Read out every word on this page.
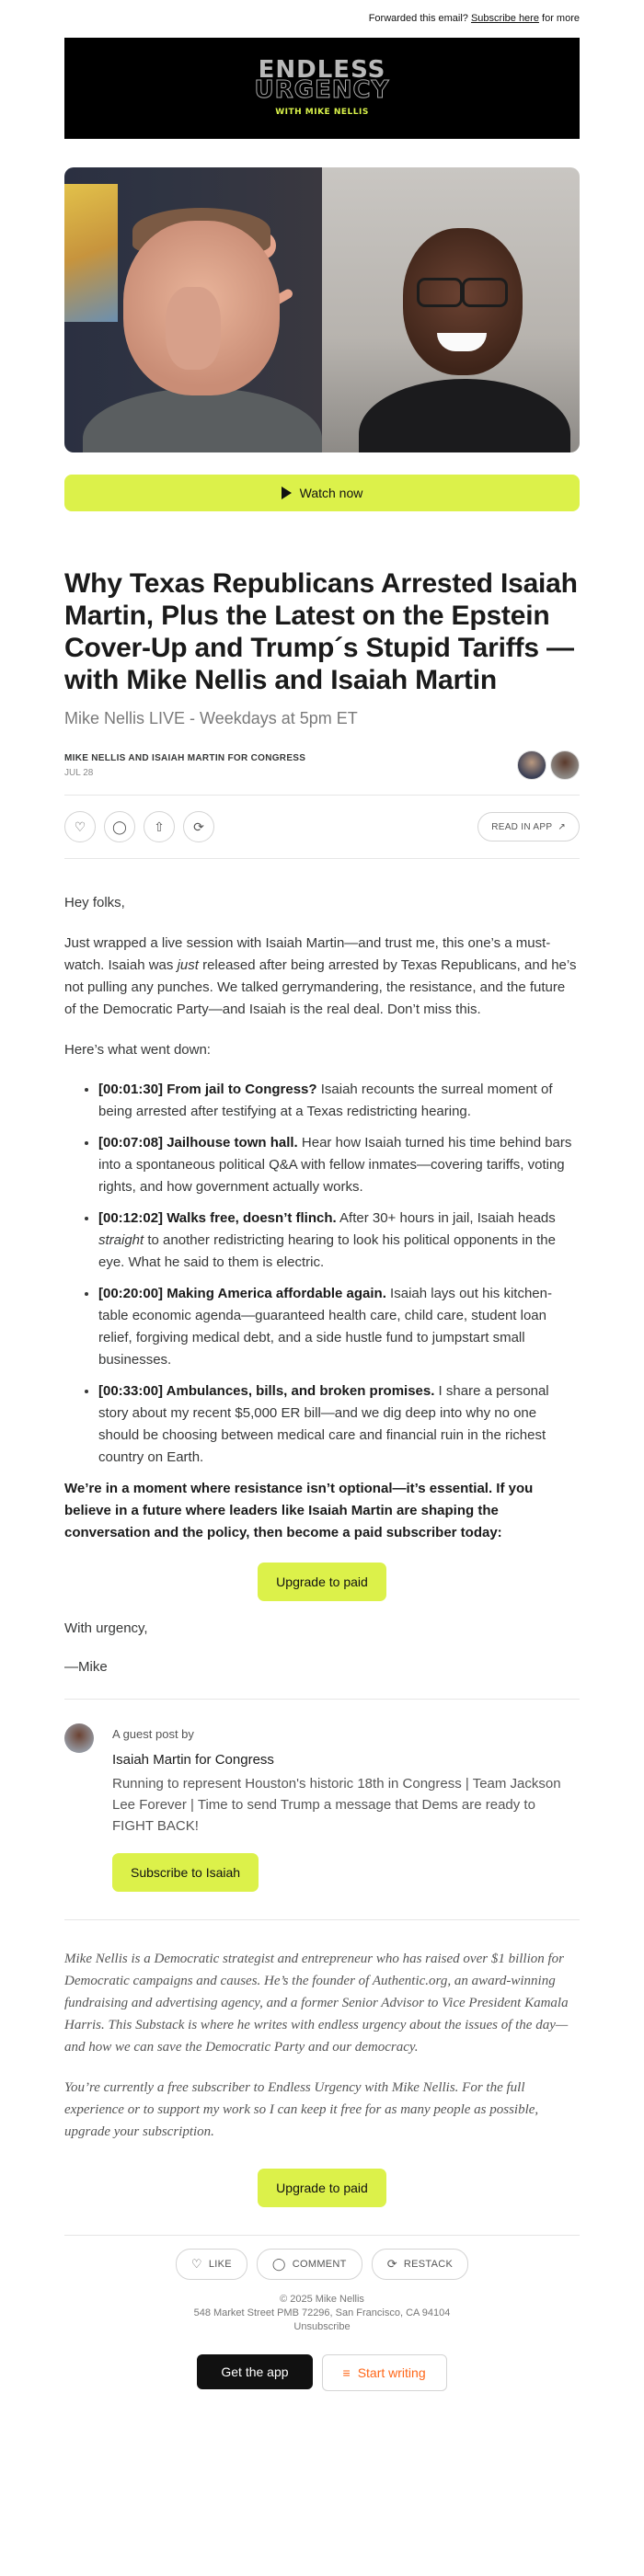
Forwarded this email? Subscribe here for more
ENDLESS
URGENCY
WITH MIKE NELLIS
Watch now
Why Texas Republicans Arrested Isaiah Martin, Plus the Latest on the Epstein Cover-Up and Trump´s Stupid Tariffs — with Mike Nellis and Isaiah Martin
Mike Nellis LIVE - Weekdays at 5pm ET
MIKE NELLIS AND ISAIAH MARTIN FOR CONGRESS
JUL 28
♡	◯	⇧	⟳	READ IN APP ↗

Hey folks,

Just wrapped a live session with Isaiah Martin—and trust me, this one’s a must-watch. Isaiah was just released after being arrested by Texas Republicans, and he’s not pulling any punches. We talked gerrymandering, the resistance, and the future of the Democratic Party—and Isaiah is the real deal. Don’t miss this.

Here’s what went down:

• [00:01:30] From jail to Congress? Isaiah recounts the surreal moment of being arrested after testifying at a Texas redistricting hearing.
• [00:07:08] Jailhouse town hall. Hear how Isaiah turned his time behind bars into a spontaneous political Q&A with fellow inmates—covering tariffs, voting rights, and how government actually works.
• [00:12:02] Walks free, doesn’t flinch. After 30+ hours in jail, Isaiah heads straight to another redistricting hearing to look his political opponents in the eye. What he said to them is electric.
• [00:20:00] Making America affordable again. Isaiah lays out his kitchen-table economic agenda—guaranteed health care, child care, student loan relief, forgiving medical debt, and a side hustle fund to jumpstart small businesses.
• [00:33:00] Ambulances, bills, and broken promises. I share a personal story about my recent $5,000 ER bill—and we dig deep into why no one should be choosing between medical care and financial ruin in the richest country on Earth.

We’re in a moment where resistance isn’t optional—it’s essential. If you believe in a future where leaders like Isaiah Martin are shaping the conversation and the policy, then become a paid subscriber today:

Upgrade to paid

With urgency,

—Mike

A guest post by
Isaiah Martin for Congress
Running to represent Houston's historic 18th in Congress | Team Jackson Lee Forever | Time to send Trump a message that Dems are ready to FIGHT BACK!
Subscribe to Isaiah
Mike Nellis is a Democratic strategist and entrepreneur who has raised over $1 billion for Democratic campaigns and causes. He’s the founder of Authentic.org, an award-winning fundraising and advertising agency, and a former Senior Advisor to Vice President Kamala Harris. This Substack is where he writes with endless urgency about the issues of the day—and how we can save the Democratic Party and our democracy.
You’re currently a free subscriber to Endless Urgency with Mike Nellis. For the full experience or to support my work so I can keep it free for as many people as possible, upgrade your subscription.
Upgrade to paid
♡ LIKE	◯ COMMENT	⟳ RESTACK
© 2025 Mike Nellis
548 Market Street PMB 72296, San Francisco, CA 94104
Unsubscribe
Get the app	≡ Start writing
